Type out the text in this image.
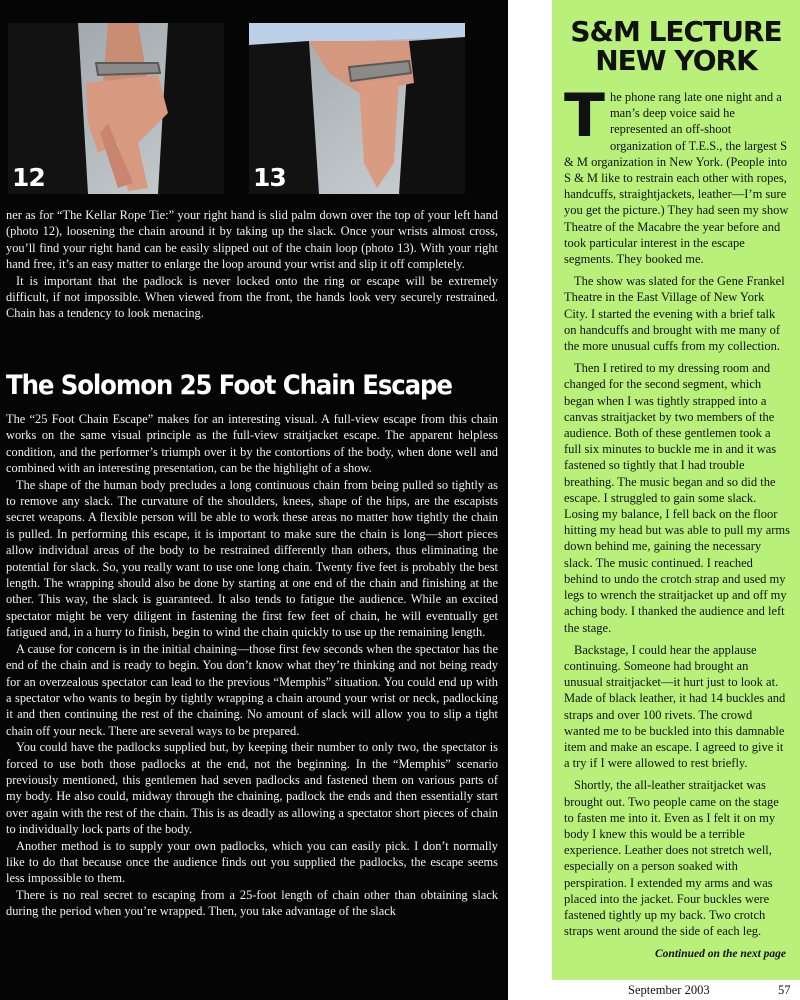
12	13

ner as for “The Kellar Rope Tie:” your right hand is slid palm down over the top of your left hand (photo 12), loosening the chain around it by taking up the slack. Once your wrists almost cross, you’ll find your right hand can be easily slipped out of the chain loop (photo 13). With your right hand free, it’s an easy matter to enlarge the loop around your wrist and slip it off completely.

It is important that the padlock is never locked onto the ring or escape will be extremely difficult, if not impossible. When viewed from the front, the hands look very securely restrained. Chain has a tendency to look menacing.

The Solomon 25 Foot Chain Escape

The “25 Foot Chain Escape” makes for an interesting visual. A full-view escape from this chain works on the same visual principle as the full-view straitjacket escape. The apparent helpless condition, and the performer’s triumph over it by the contortions of the body, when done well and combined with an interesting presentation, can be the highlight of a show.

The shape of the human body precludes a long continuous chain from being pulled so tightly as to remove any slack. The curvature of the shoulders, knees, shape of the hips, are the escapists secret weapons. A flexible person will be able to work these areas no matter how tightly the chain is pulled. In performing this escape, it is important to make sure the chain is long—short pieces allow individual areas of the body to be restrained differently than others, thus eliminating the potential for slack. So, you really want to use one long chain. Twenty five feet is probably the best length. The wrapping should also be done by starting at one end of the chain and finishing at the other. This way, the slack is guaranteed. It also tends to fatigue the audience. While an excited spectator might be very diligent in fastening the first few feet of chain, he will eventually get fatigued and, in a hurry to finish, begin to wind the chain quickly to use up the remaining length.

A cause for concern is in the initial chaining—those first few seconds when the spectator has the end of the chain and is ready to begin. You don’t know what they’re thinking and not being ready for an overzealous spectator can lead to the previous “Memphis” situation. You could end up with a spectator who wants to begin by tightly wrapping a chain around your wrist or neck, padlocking it and then continuing the rest of the chaining. No amount of slack will allow you to slip a tight chain off your neck. There are several ways to be prepared.

You could have the padlocks supplied but, by keeping their number to only two, the spectator is forced to use both those padlocks at the end, not the beginning. In the “Memphis” scenario previously mentioned, this gentlemen had seven padlocks and fastened them on various parts of my body. He also could, midway through the chaining, padlock the ends and then essentially start over again with the rest of the chain. This is as deadly as allowing a spectator short pieces of chain to individually lock parts of the body.

Another method is to supply your own padlocks, which you can easily pick. I don’t normally like to do that because once the audience finds out you supplied the padlocks, the escape seems less impossible to them.

There is no real secret to escaping from a 25-foot length of chain other than obtaining slack during the period when you’re wrapped. Then, you take advantage of the slack

S&M LECTURE
NEW YORK

The phone rang late one night and a man’s deep voice said he represented an off-shoot organization of T.E.S., the largest S & M organization in New York. (People into S & M like to restrain each other with ropes, handcuffs, straightjackets, leather—I’m sure you get the picture.) They had seen my show Theatre of the Macabre the year before and took particular interest in the escape segments. They booked me.

The show was slated for the Gene Frankel Theatre in the East Village of New York City. I started the evening with a brief talk on handcuffs and brought with me many of the more unusual cuffs from my collection.

Then I retired to my dressing room and changed for the second segment, which began when I was tightly strapped into a canvas straitjacket by two members of the audience. Both of these gentlemen took a full six minutes to buckle me in and it was fastened so tightly that I had trouble breathing. The music began and so did the escape. I struggled to gain some slack. Losing my balance, I fell back on the floor hitting my head but was able to pull my arms down behind me, gaining the necessary slack. The music continued. I reached behind to undo the crotch strap and used my legs to wrench the straitjacket up and off my aching body. I thanked the audience and left the stage.

Backstage, I could hear the applause continuing. Someone had brought an unusual straitjacket—it hurt just to look at. Made of black leather, it had 14 buckles and straps and over 100 rivets. The crowd wanted me to be buckled into this damnable item and make an escape. I agreed to give it a try if I were allowed to rest briefly.

Shortly, the all-leather straitjacket was brought out. Two people came on the stage to fasten me into it. Even as I felt it on my body I knew this would be a terrible experience. Leather does not stretch well, especially on a person soaked with perspiration. I extended my arms and was placed into the jacket. Four buckles were fastened tightly up my back. Two crotch straps went around the side of each leg.

Continued on the next page
September 2003	57
